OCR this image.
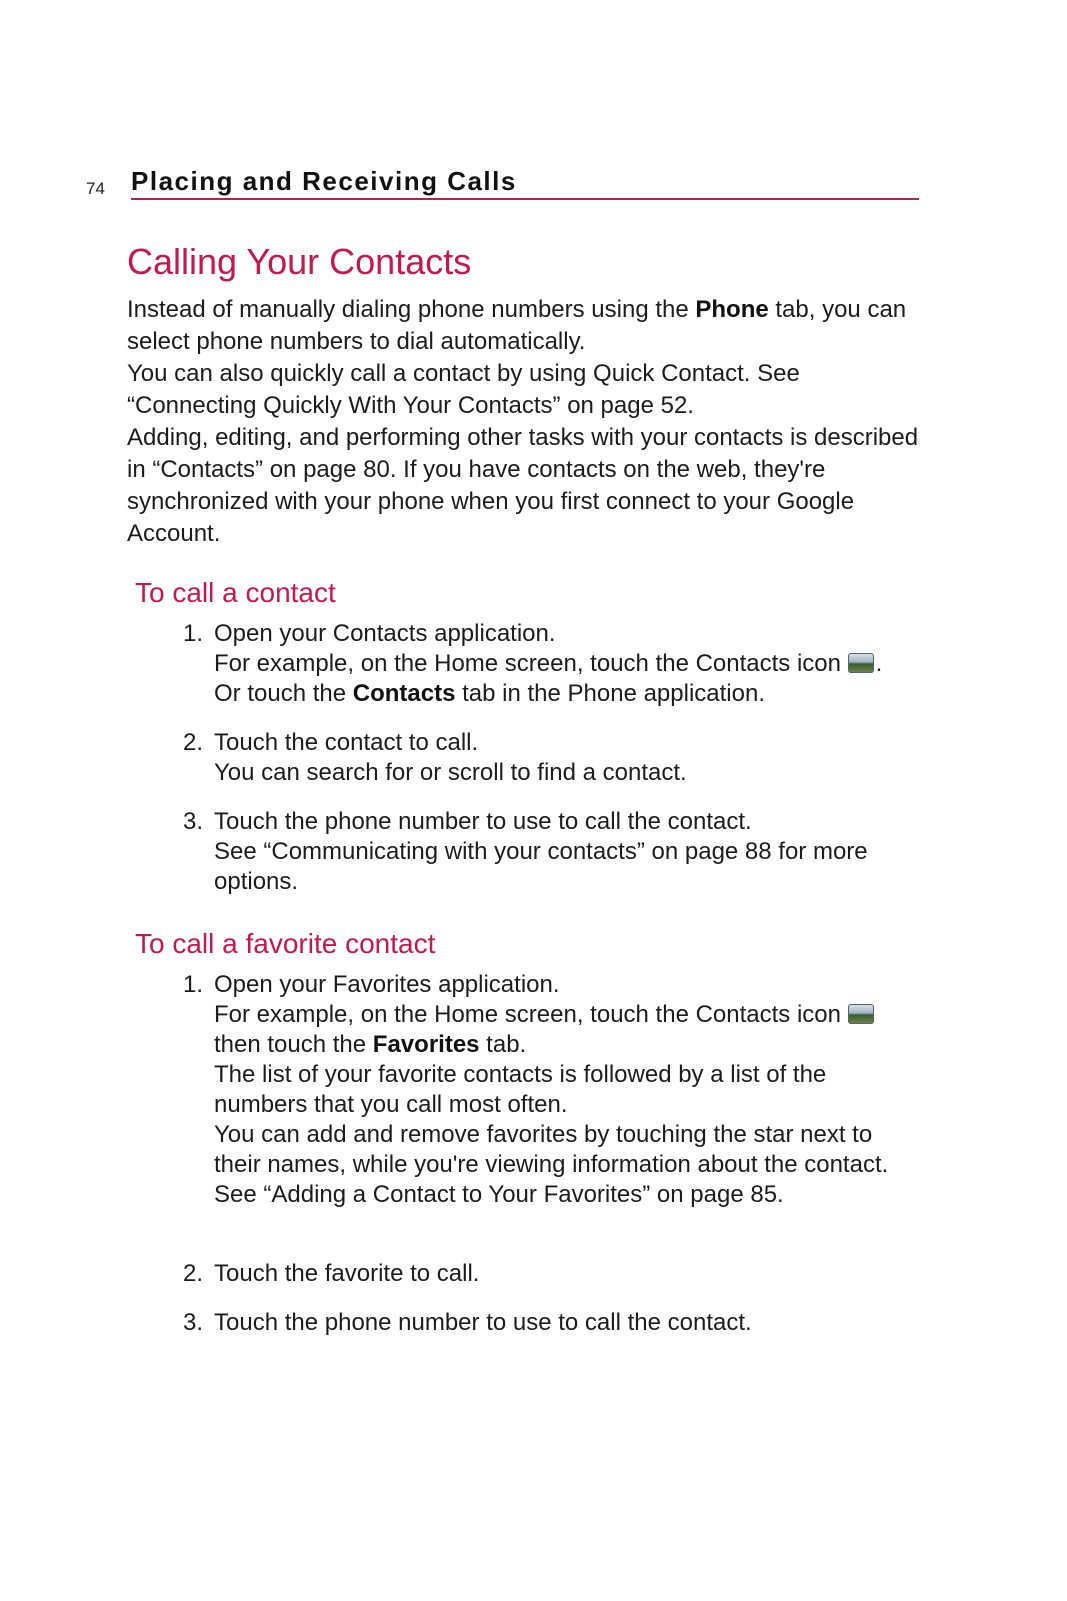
74 Placing and Receiving Calls
Calling Your Contacts

Instead of manually dialing phone numbers using the Phone tab, you can select phone numbers to dial automatically.

You can also quickly call a contact by using Quick Contact. See “Connecting Quickly With Your Contacts” on page 52.

Adding, editing, and performing other tasks with your contacts is described in “Contacts” on page 80. If you have contacts on the web, they're synchronized with your phone when you first connect to your Google Account.

To call a contact
1. Open your Contacts application.

For example, on the Home screen, touch the Contacts icon . Or touch the Contacts tab in the Phone application.

2. Touch the contact to call.

You can search for or scroll to find a contact.

3. Touch the phone number to use to call the contact.

See “Communicating with your contacts” on page 88 for more options.

To call a favorite contact
1. Open your Favorites application.

For example, on the Home screen, touch the Contacts icon  then touch the Favorites tab.

The list of your favorite contacts is followed by a list of the numbers that you call most often.

You can add and remove favorites by touching the star next to their names, while you're viewing information about the contact. See “Adding a Contact to Your Favorites” on page 85.

2. Touch the favorite to call.

3. Touch the phone number to use to call the contact.
